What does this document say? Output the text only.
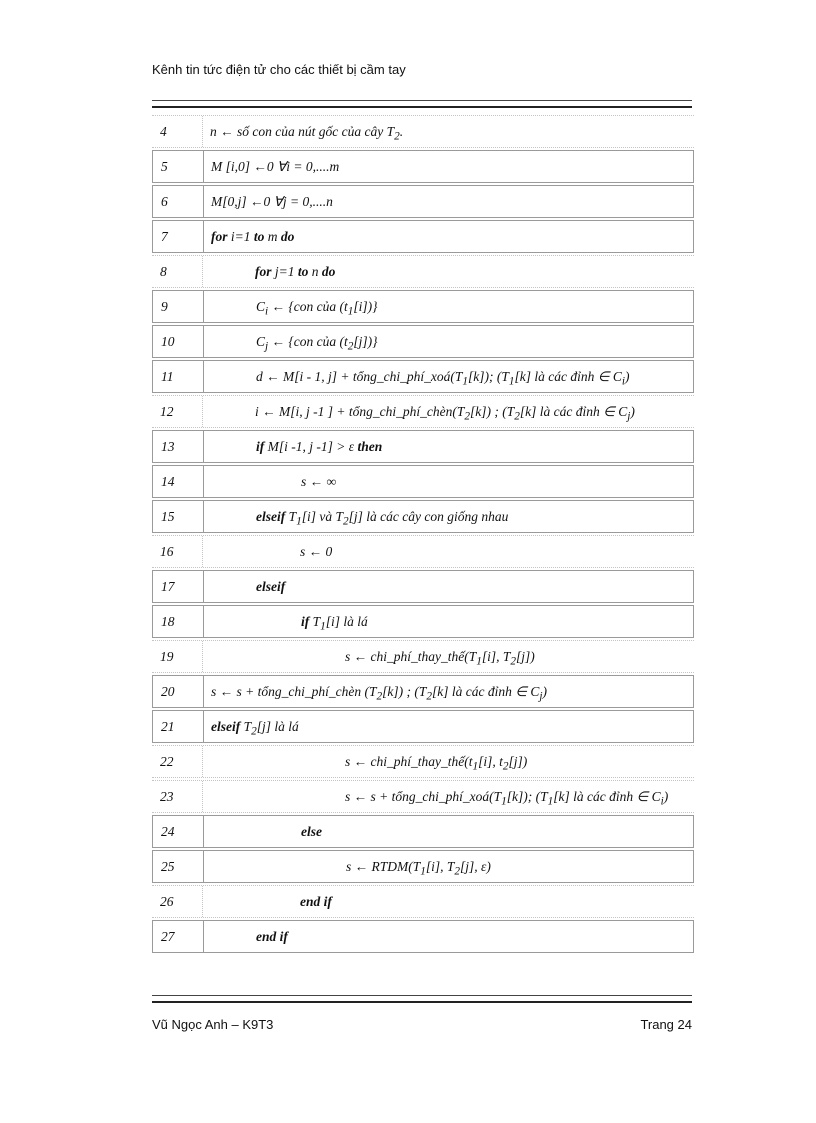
Kênh tin tức điện tử cho các thiết bị cầm tay
4	n ← số con của nút gốc của cây $T_2$.
5	M [i,0] ←0 ∀i = 0,....m
6	M[0,j] ←0 ∀j = 0,....n
7	for i=1 to m do
8	for j=1 to n do
9	$C_i$ ← {con của $(t_1[i])$}
10	$C_j$ ← {con của $(t_2[j])$}
11	d ← M[i - 1, $j] + tổng\_chi\_phí\_xoá(T_1[k])$; ($T_1[k]$ là các đỉnh ∈ $C_i$)
12	i ← M[i, j -1 ] + $tổng\_chi\_phí\_chèn(T_2[k])$ ; ($T_2[k]$ là các đỉnh ∈ $C_j$)
13	if M[i -1, j -1] > ε then
14	s ← ∞
15	elseif $T_1[i]$ và $T_2[j]$ là các cây con giống nhau
16	s ← 0
17	elseif
18	if $T_1[i]$ là lá
19	s ← $chi\_phí\_thay\_thế(T_1[i]$, $T_2[j]$)
20	s ← s + tổng_chi_phí_chèn $(T_2[k])$ ; ($T_2[k]$ là các đỉnh ∈ $C_j$)
21	elseif $T_2[j]$ là lá
22	s ← $chi\_phí\_thay\_thế(t_1[i]$, $t_2[j]$)
23	s ← $s + tổng\_chi\_phí\_xoá(T_1[k])$; ($T_1[k]$ là các đỉnh ∈ $C_i$)
24	else
25	s ← $RTDM(T_1[i]$, $T_2[j]$, ε)
26	end if
27	end if
Vũ Ngọc Anh – K9T3	Trang 24
